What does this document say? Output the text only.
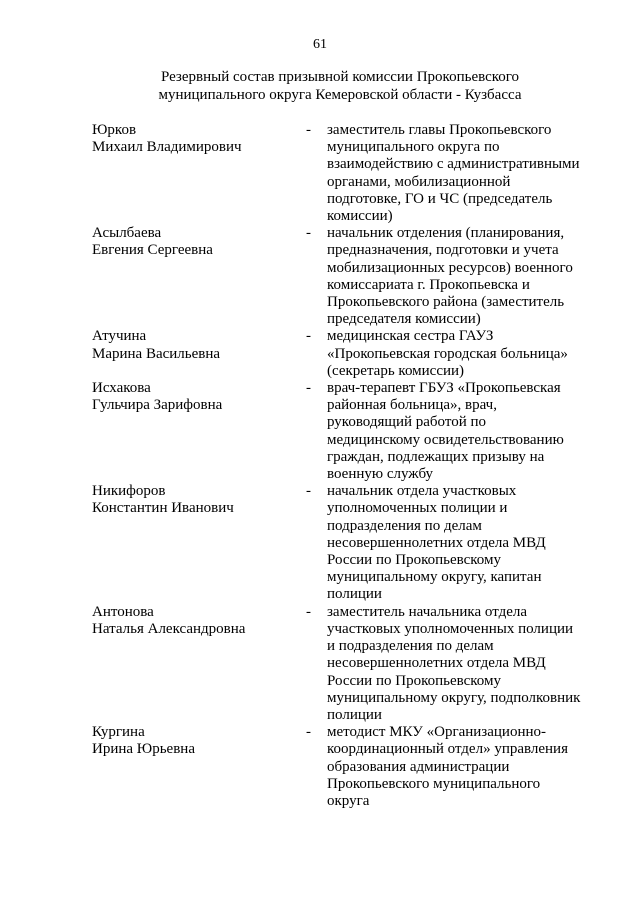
61
Резервный состав призывной комиссии Прокопьевского
муниципального округа Кемеровской области - Кузбасса
Юрков
Михаил Владимирович
- заместитель главы Прокопьевского
муниципального округа по
взаимодействию с административными
органами, мобилизационной
подготовке, ГО и ЧС (председатель
комиссии)
Асылбаева
Евгения Сергеевна
- начальник отделения (планирования,
предназначения, подготовки и учета
мобилизационных ресурсов) военного
комиссариата г. Прокопьевска и
Прокопьевского района (заместитель
председателя комиссии)
Атучина
Марина Васильевна
- медицинская сестра ГАУЗ
«Прокопьевская городская больница»
(секретарь комиссии)
Исхакова
Гульчира Зарифовна
- врач-терапевт ГБУЗ «Прокопьевская
районная больница», врач,
руководящий работой по
медицинскому освидетельствованию
граждан, подлежащих призыву на
военную службу
Никифоров
Константин Иванович
- начальник отдела участковых
уполномоченных полиции и
подразделения по делам
несовершеннолетних отдела МВД
России по Прокопьевскому
муниципальному округу, капитан
полиции
Антонова
Наталья Александровна
- заместитель начальника отдела
участковых уполномоченных полиции
и подразделения по делам
несовершеннолетних отдела МВД
России по Прокопьевскому
муниципальному округу, подполковник
полиции
Кургина
Ирина Юрьевна
- методист МКУ «Организационно-
координационный отдел» управления
образования администрации
Прокопьевского муниципального
округа
